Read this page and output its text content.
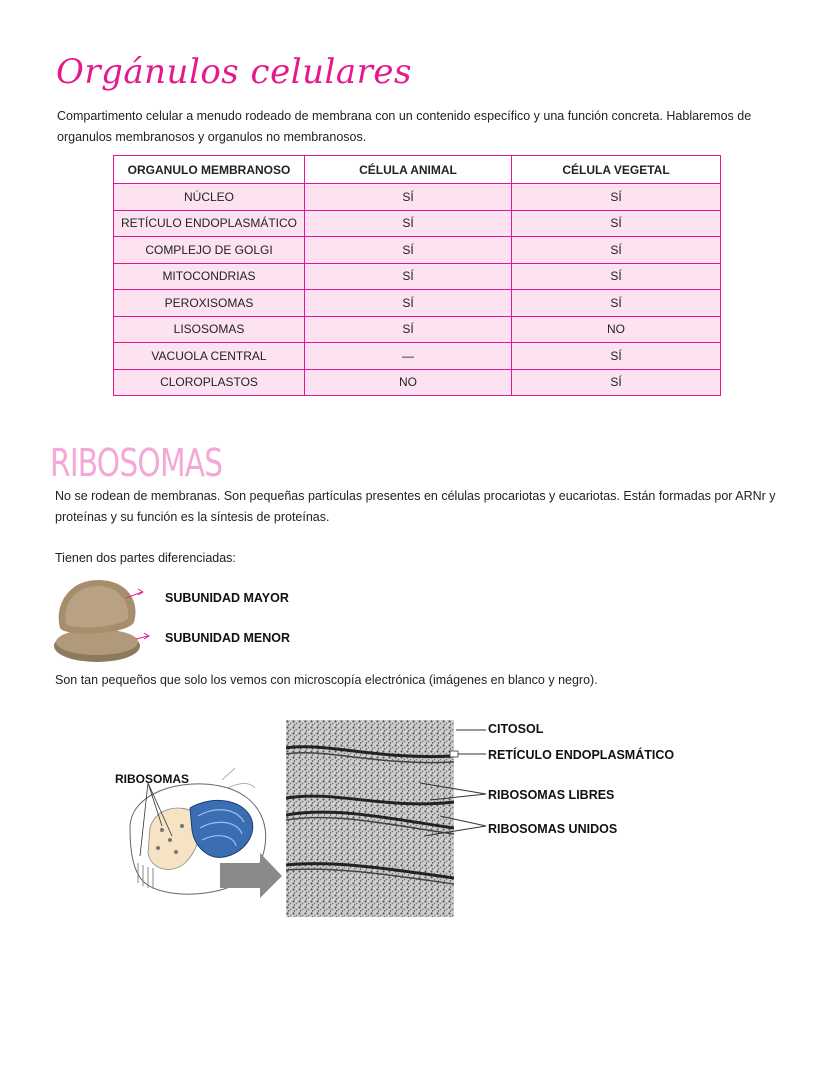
Orgánulos celulares
Compartimento celular a menudo rodeado de membrana con un contenido específico y una función concreta. Hablaremos de organulos membranosos y organulos no membranosos.
ORGANULO MEMBRANOSO	CÉLULA ANIMAL	CÉLULA VEGETAL
NÚCLEO	SÍ	SÍ
RETÍCULO ENDOPLASMÁTICO	SÍ	SÍ
COMPLEJO DE GOLGI	SÍ	SÍ
MITOCONDRIAS	SÍ	SÍ
PEROXISOMAS	SÍ	SÍ
LISOSOMAS	SÍ	NO
VACUOLA CENTRAL	—	SÍ
CLOROPLASTOS	NO	SÍ
RIBOSOMAS
No se rodean de membranas. Son pequeñas partículas presentes en células procariotas y eucariotas. Están formadas por ARNr y proteínas y su función es la síntesis de proteínas.
Tienen dos partes diferenciadas:
SUBUNIDAD MAYOR
SUBUNIDAD MENOR
Son tan pequeños que solo los vemos con microscopía electrónica (imágenes en blanco y negro).
RIBOSOMAS
CITOSOL
RETÍCULO ENDOPLASMÁTICO
RIBOSOMAS LIBRES
RIBOSOMAS UNIDOS
